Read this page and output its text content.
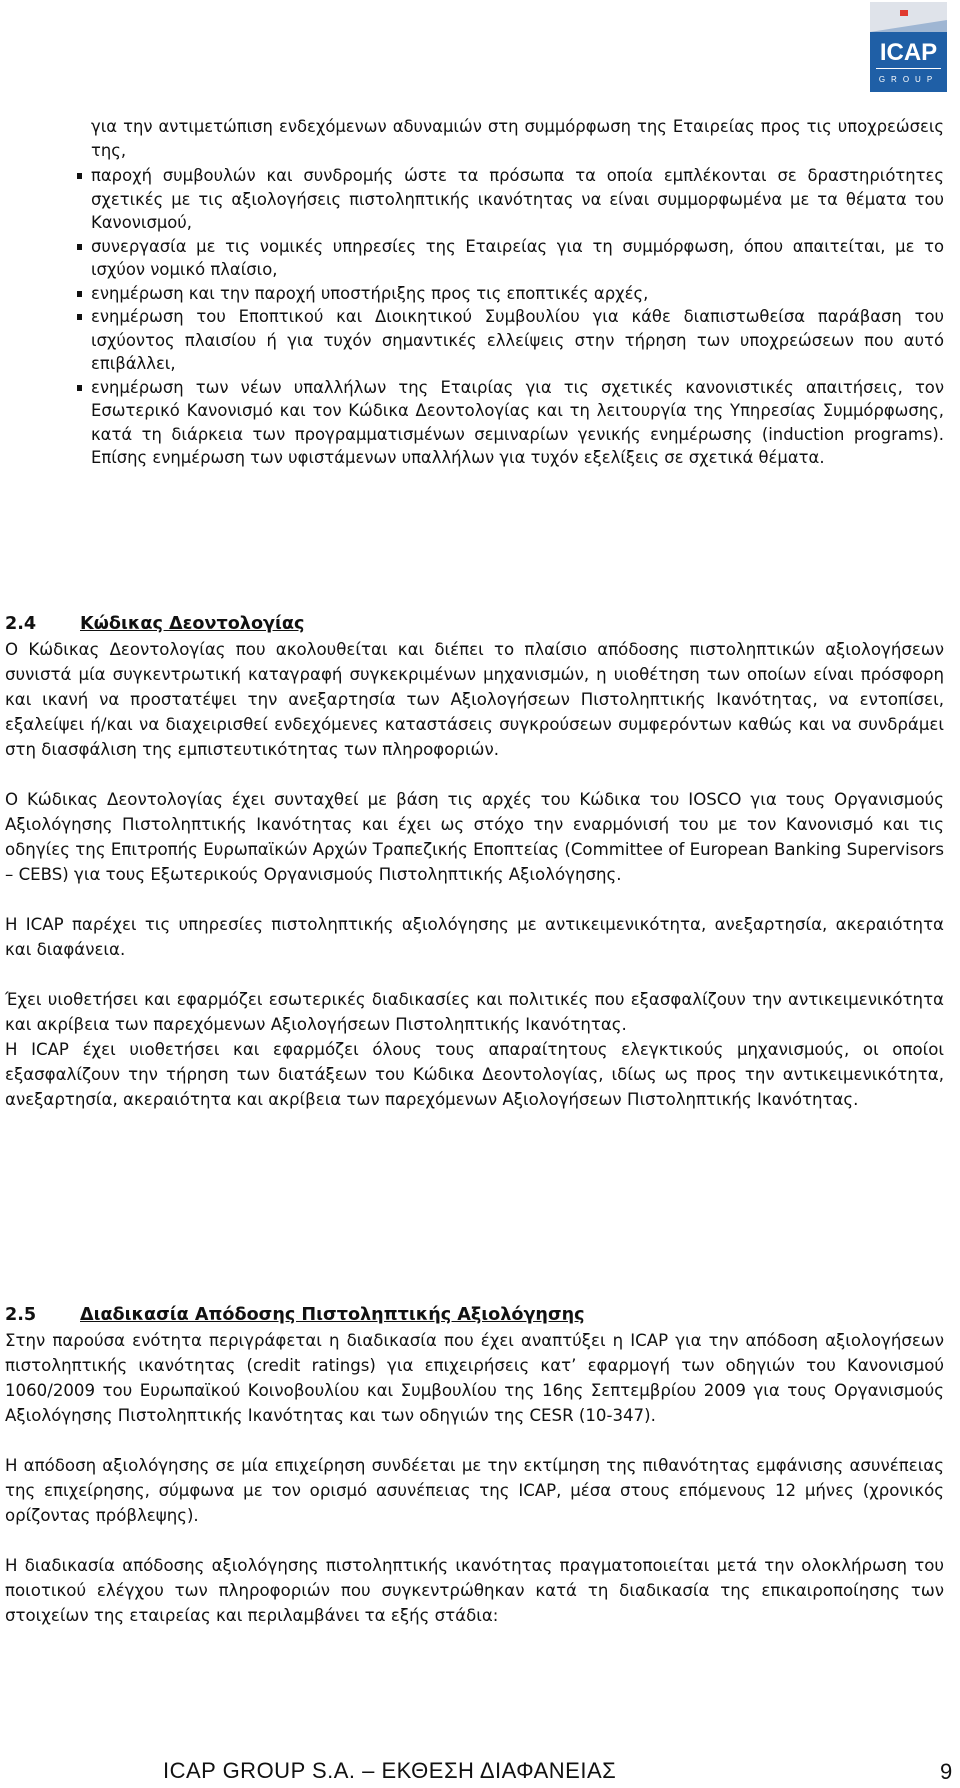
ICAP
GROUP

για την αντιμετώπιση ενδεχόμενων αδυναμιών στη συμμόρφωση της Εταιρείας προς τις υποχρεώσεις της,

παροχή συμβουλών και συνδρομής ώστε τα πρόσωπα τα οποία εμπλέκονται σε δραστηριότητες σχετικές με τις αξιολογήσεις πιστοληπτικής ικανότητας να είναι συμμορφωμένα με τα θέματα του Κανονισμού,
συνεργασία με τις νομικές υπηρεσίες της Εταιρείας για τη συμμόρφωση, όπου απαιτείται, με το ισχύον νομικό πλαίσιο,
ενημέρωση και την παροχή υποστήριξης προς τις εποπτικές αρχές,
ενημέρωση του Εποπτικού και Διοικητικού Συμβουλίου για κάθε διαπιστωθείσα παράβαση του ισχύοντος πλαισίου ή για τυχόν σημαντικές ελλείψεις στην τήρηση των υποχρεώσεων που αυτό επιβάλλει,
ενημέρωση των νέων υπαλλήλων της Εταιρίας για τις σχετικές κανονιστικές απαιτήσεις, τον Εσωτερικό Κανονισμό και τον Κώδικα Δεοντολογίας και τη λειτουργία της Υπηρεσίας Συμμόρφωσης, κατά τη διάρκεια των προγραμματισμένων σεμιναρίων γενικής ενημέρωσης (induction programs). Επίσης ενημέρωση των υφιστάμενων υπαλλήλων για τυχόν εξελίξεις σε σχετικά θέματα.
2.4 Κώδικας Δεοντολογίας

Ο Κώδικας Δεοντολογίας που ακολουθείται και διέπει το πλαίσιο απόδοσης πιστοληπτικών αξιολογήσεων συνιστά μία συγκεντρωτική καταγραφή συγκεκριμένων μηχανισμών, η υιοθέτηση των οποίων είναι πρόσφορη και ικανή να προστατέψει την ανεξαρτησία των Αξιολογήσεων Πιστοληπτικής Ικανότητας, να εντοπίσει, εξαλείψει ή/και να διαχειρισθεί ενδεχόμενες καταστάσεις συγκρούσεων συμφερόντων καθώς και να συνδράμει στη διασφάλιση της εμπιστευτικότητας των πληροφοριών.

Ο Κώδικας Δεοντολογίας έχει συνταχθεί με βάση τις αρχές του Κώδικα του IOSCO για τους Οργανισμούς Αξιολόγησης Πιστοληπτικής Ικανότητας και έχει ως στόχο την εναρμόνισή του με τον Κανονισμό και τις οδηγίες της Επιτροπής Ευρωπαϊκών Αρχών Τραπεζικής Εποπτείας (Committee of European Banking Supervisors – CEBS) για τους Εξωτερικούς Οργανισμούς Πιστοληπτικής Αξιολόγησης.

Η ICAP παρέχει τις υπηρεσίες πιστοληπτικής αξιολόγησης με αντικειμενικότητα, ανεξαρτησία, ακεραιότητα και διαφάνεια.

Έχει υιοθετήσει και εφαρμόζει εσωτερικές διαδικασίες και πολιτικές που εξασφαλίζουν την αντικειμενικότητα και ακρίβεια των παρεχόμενων Αξιολογήσεων Πιστοληπτικής Ικανότητας.

Η ICAP έχει υιοθετήσει και εφαρμόζει όλους τους απαραίτητους ελεγκτικούς μηχανισμούς, οι οποίοι εξασφαλίζουν την τήρηση των διατάξεων του Κώδικα Δεοντολογίας, ιδίως ως προς την αντικειμενικότητα, ανεξαρτησία, ακεραιότητα και ακρίβεια των παρεχόμενων Αξιολογήσεων Πιστοληπτικής Ικανότητας.

2.5 Διαδικασία Απόδοσης Πιστοληπτικής Αξιολόγησης

Στην παρούσα ενότητα περιγράφεται η διαδικασία που έχει αναπτύξει η ICAP για την απόδοση αξιολογήσεων πιστοληπτικής ικανότητας (credit ratings) για επιχειρήσεις κατ’ εφαρμογή των οδηγιών του Κανονισμού 1060/2009 του Ευρωπαϊκού Κοινοβουλίου και Συμβουλίου της 16ης Σεπτεμβρίου 2009 για τους Οργανισμούς Αξιολόγησης Πιστοληπτικής Ικανότητας και των οδηγιών της CESR (10-347).

Η απόδοση αξιολόγησης σε μία επιχείρηση συνδέεται με την εκτίμηση της πιθανότητας εμφάνισης ασυνέπειας της επιχείρησης, σύμφωνα με τον ορισμό ασυνέπειας της ICAP, μέσα στους επόμενους 12 μήνες (χρονικός ορίζοντας πρόβλεψης).

Η διαδικασία απόδοσης αξιολόγησης πιστοληπτικής ικανότητας πραγματοποιείται μετά την ολοκλήρωση του ποιοτικού ελέγχου των πληροφοριών που συγκεντρώθηκαν κατά τη διαδικασία της επικαιροποίησης των στοιχείων της εταιρείας και περιλαμβάνει τα εξής στάδια:

ICAP GROUP S.A. – ΕΚΘΕΣΗ ΔΙΑΦΑΝΕΙΑΣ	9
